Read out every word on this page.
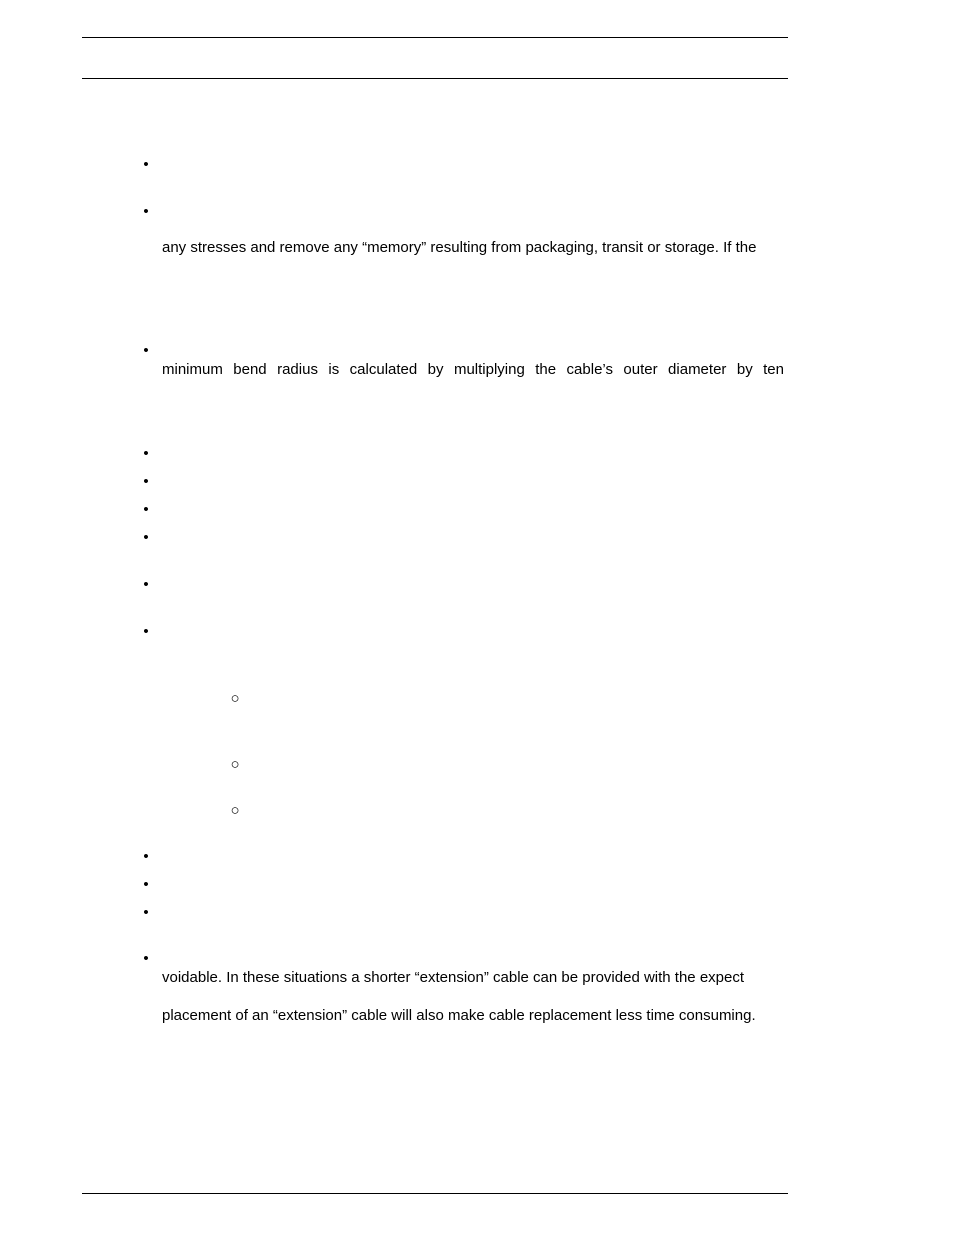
•
•
any stresses and remove any “memory” resulting from packaging, transit or storage. If the
•
minimum bend radius is calculated by multiplying the cable’s outer diameter by ten
•
•
•
•
•
•
○
○
○
•
•
•
•
voidable. In these situations a shorter “extension” cable can be provided with the expect
placement of an “extension” cable will also make cable replacement less time consuming.
